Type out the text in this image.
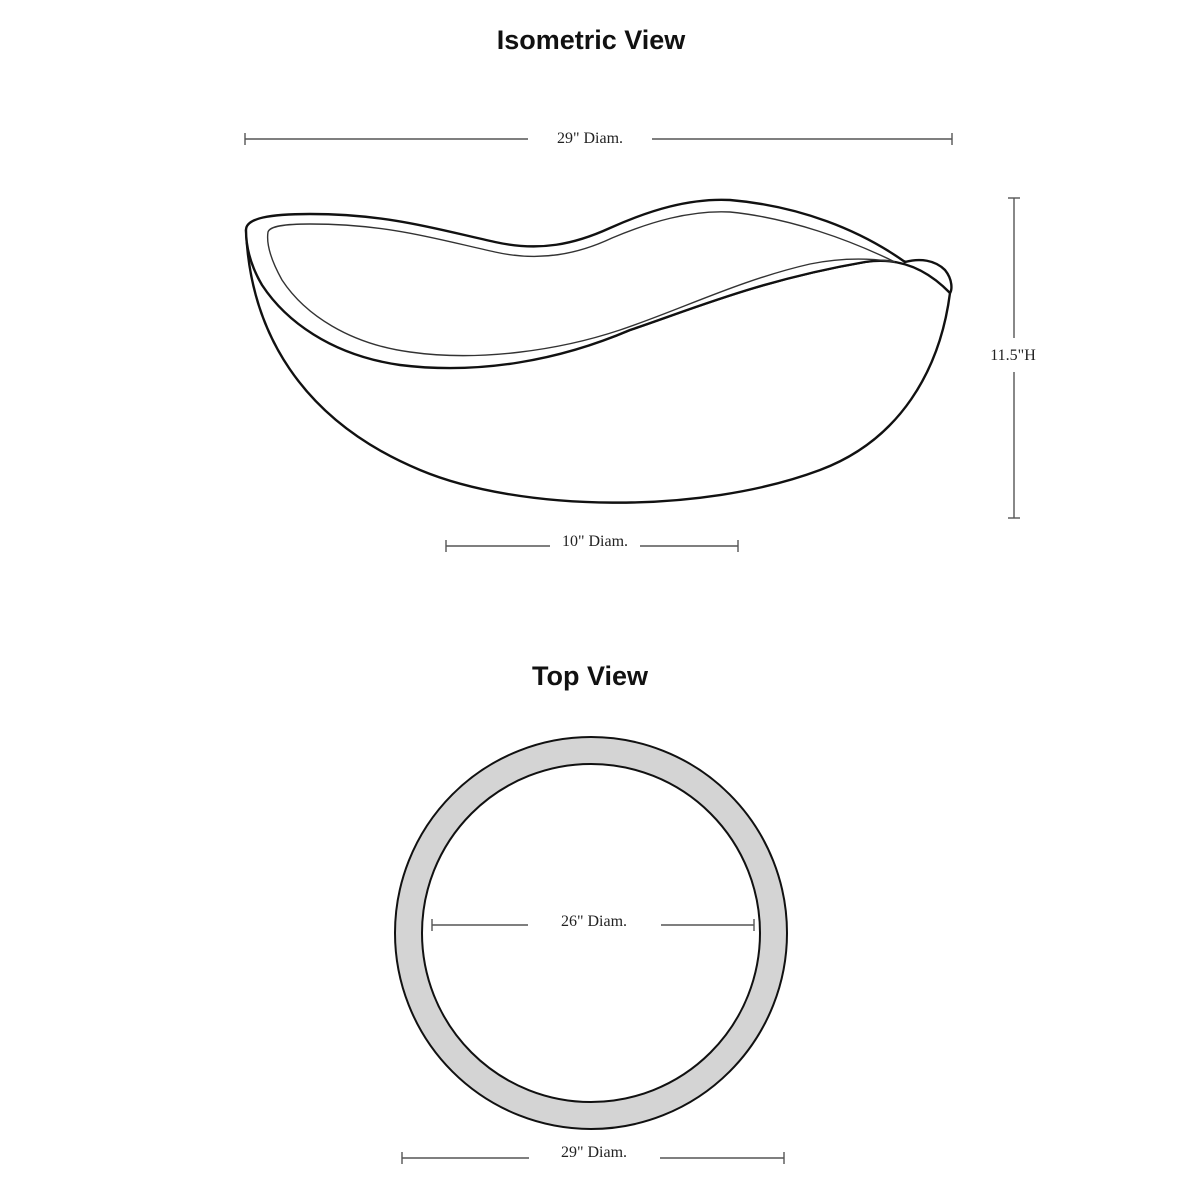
Isometric View
29" Diam.
11.5"H
10" Diam.
Top View
26" Diam.
29" Diam.
